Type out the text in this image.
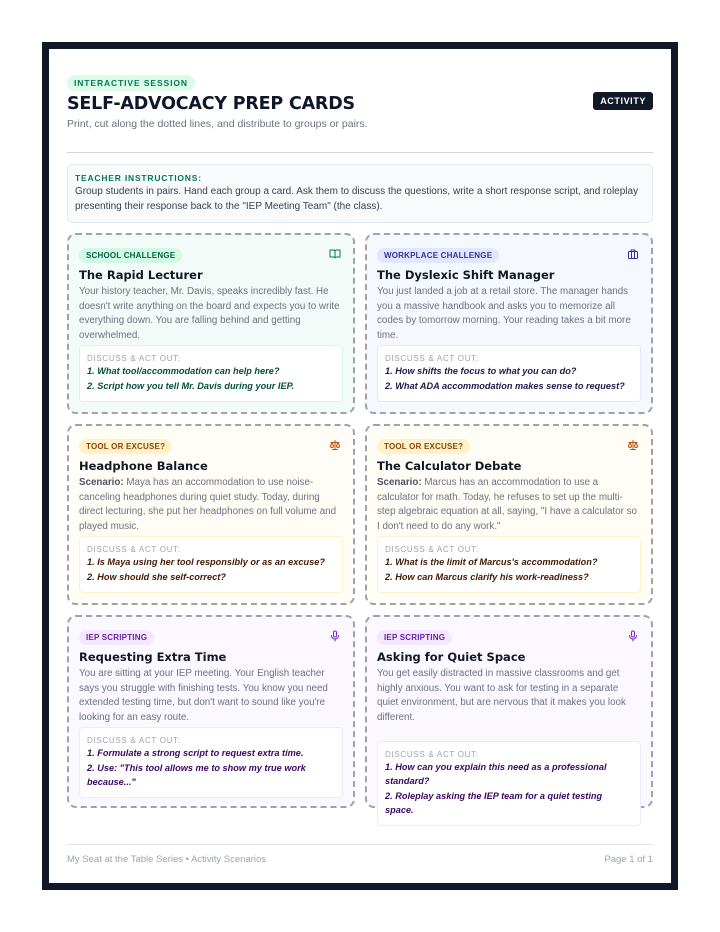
INTERACTIVE SESSION
SELF-ADVOCACY PREP CARDS
Print, cut along the dotted lines, and distribute to groups or pairs.
ACTIVITY
TEACHER INSTRUCTIONS:
Group students in pairs. Hand each group a card. Ask them to discuss the questions, write a short response script, and roleplay presenting their response back to the "IEP Meeting Team" (the class).
SCHOOL CHALLENGE
The Rapid Lecturer
Your history teacher, Mr. Davis, speaks incredibly fast. He doesn't write anything on the board and expects you to write everything down. You are falling behind and getting overwhelmed.
DISCUSS & ACT OUT:
1. What tool/accommodation can help here?
2. Script how you tell Mr. Davis during your IEP.
WORKPLACE CHALLENGE
The Dyslexic Shift Manager
You just landed a job at a retail store. The manager hands you a massive handbook and asks you to memorize all codes by tomorrow morning. Your reading takes a bit more time.
DISCUSS & ACT OUT:
1. How shifts the focus to what you can do?
2. What ADA accommodation makes sense to request?
TOOL OR EXCUSE?
Headphone Balance
Scenario: Maya has an accommodation to use noise-canceling headphones during quiet study. Today, during direct lecturing, she put her headphones on full volume and played music.
DISCUSS & ACT OUT:
1. Is Maya using her tool responsibly or as an excuse?
2. How should she self-correct?
TOOL OR EXCUSE?
The Calculator Debate
Scenario: Marcus has an accommodation to use a calculator for math. Today, he refuses to set up the multi-step algebraic equation at all, saying, "I have a calculator so I don't need to do any work."
DISCUSS & ACT OUT:
1. What is the limit of Marcus's accommodation?
2. How can Marcus clarify his work-readiness?
IEP SCRIPTING
Requesting Extra Time
You are sitting at your IEP meeting. Your English teacher says you struggle with finishing tests. You know you need extended testing time, but don't want to sound like you're looking for an easy route.
DISCUSS & ACT OUT:
1. Formulate a strong script to request extra time.
2. Use: "This tool allows me to show my true work because..."
IEP SCRIPTING
Asking for Quiet Space
You get easily distracted in massive classrooms and get highly anxious. You want to ask for testing in a separate quiet environment, but are nervous that it makes you look different.
DISCUSS & ACT OUT:
1. How can you explain this need as a professional standard?
2. Roleplay asking the IEP team for a quiet testing space.
My Seat at the Table Series • Activity Scenarios	Page 1 of 1
